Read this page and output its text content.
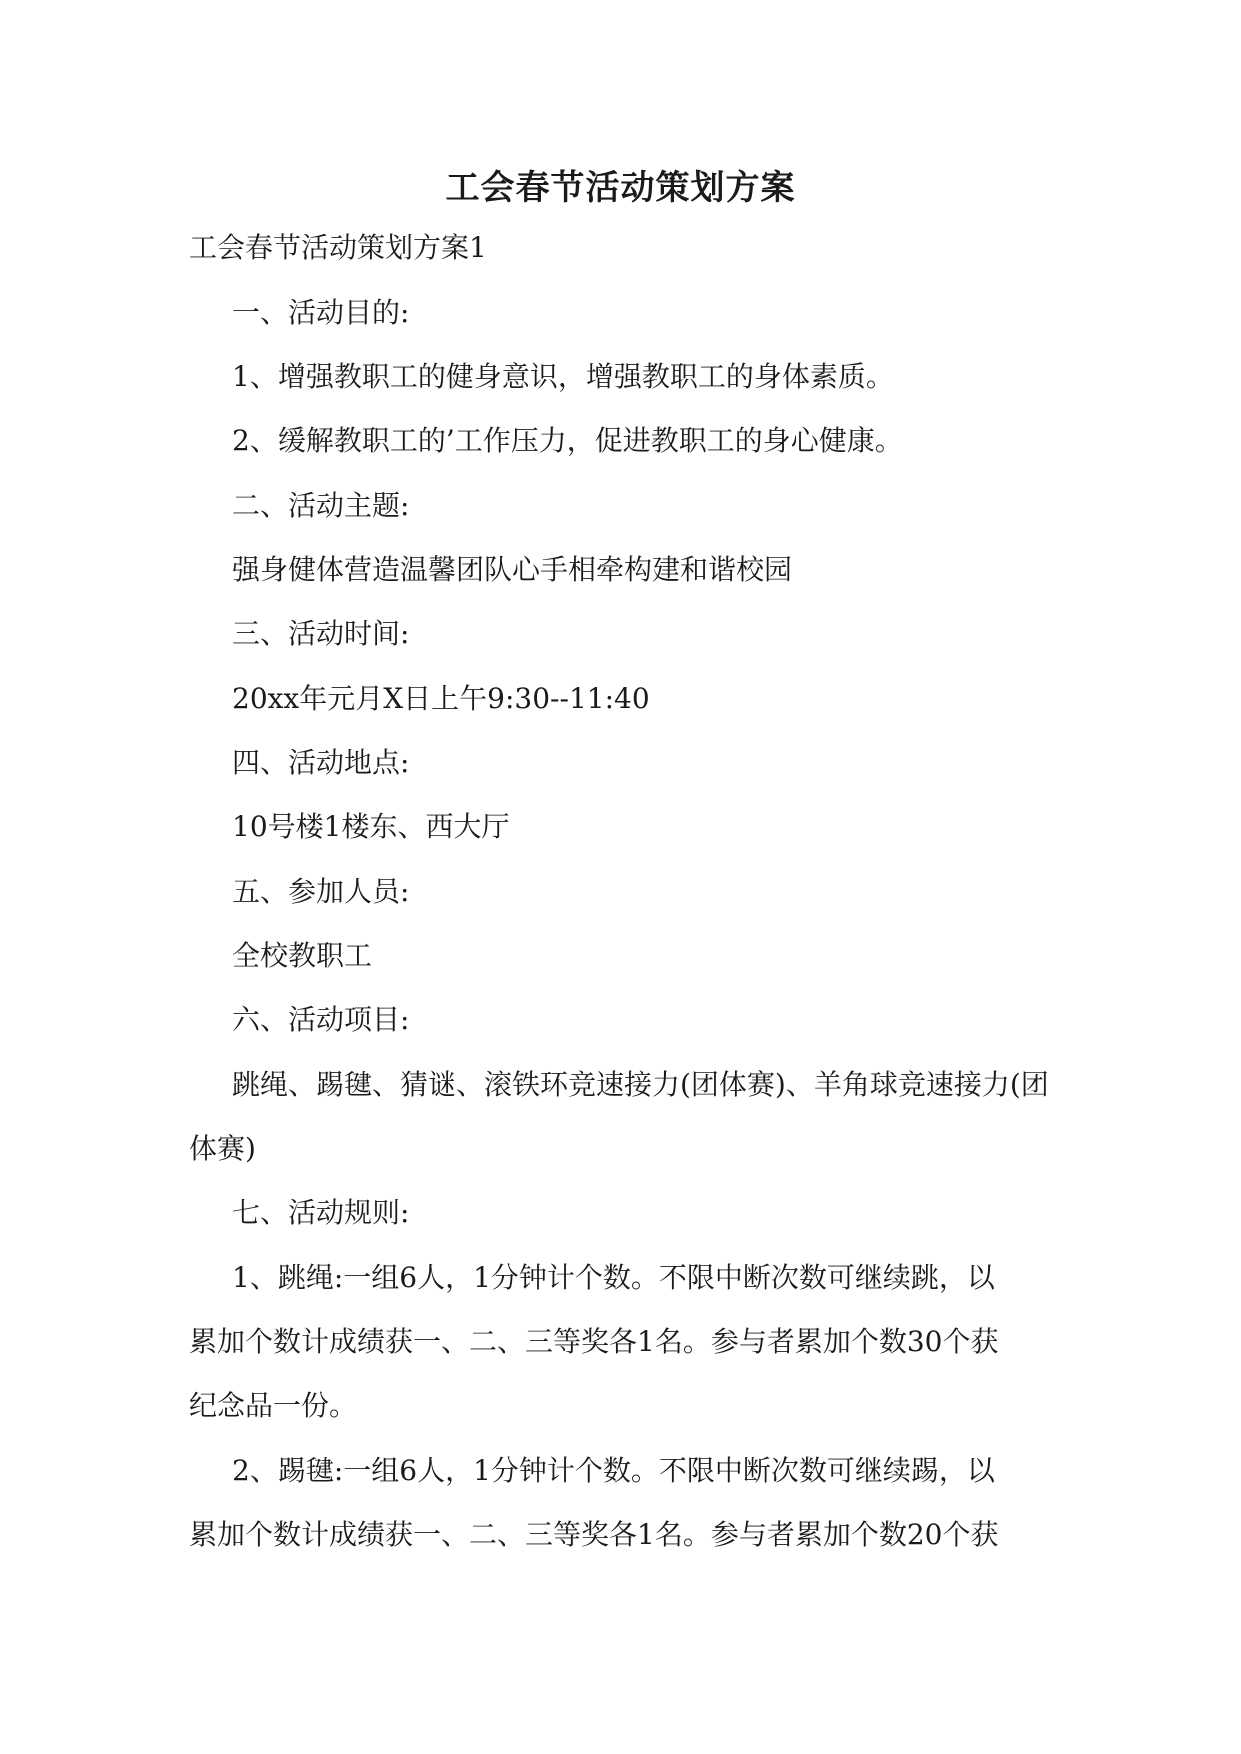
工会春节活动策划方案

工会春节活动策划方案1

一、活动目的:

1、增强教职工的健身意识，增强教职工的身体素质。

2、缓解教职工的’工作压力，促进教职工的身心健康。

二、活动主题:

强身健体营造温馨团队心手相牵构建和谐校园

三、活动时间:

20xx年元月X日上午9:30--11:40

四、活动地点:

10号楼1楼东、西大厅

五、参加人员:

全校教职工

六、活动项目:

跳绳、踢毽、猜谜、滚铁环竞速接力(团体赛)、羊角球竞速接力(团

体赛)

七、活动规则:

1、跳绳:一组6人，1分钟计个数。不限中断次数可继续跳，以

累加个数计成绩获一、二、三等奖各1名。参与者累加个数30个获

纪念品一份。

2、踢毽:一组6人，1分钟计个数。不限中断次数可继续踢，以

累加个数计成绩获一、二、三等奖各1名。参与者累加个数20个获
